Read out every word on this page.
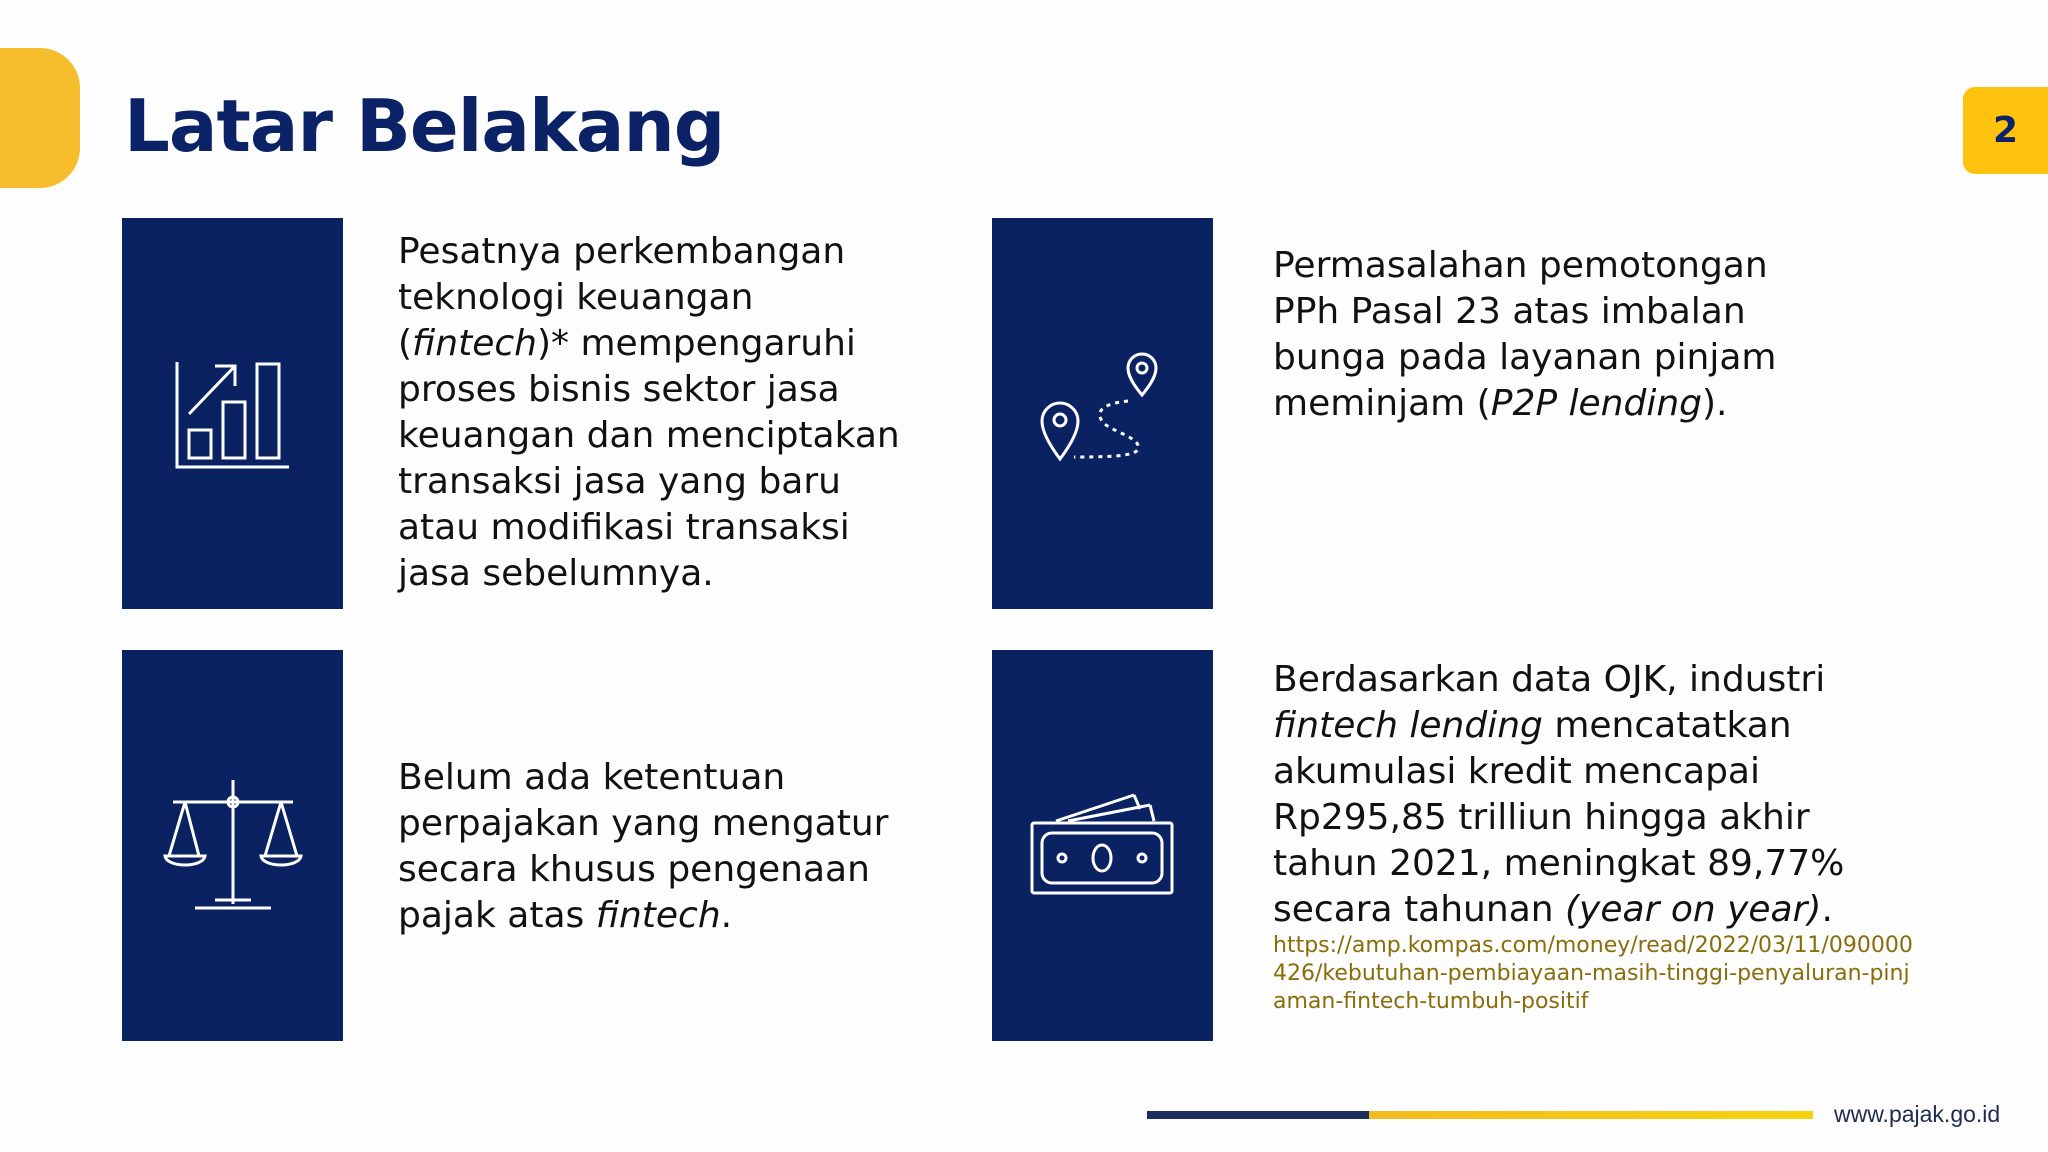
Latar Belakang	2

Pesatnya perkembangan teknologi keuangan (fintech)* mempengaruhi proses bisnis sektor jasa keuangan dan menciptakan transaksi jasa yang baru atau modifikasi transaksi jasa sebelumnya.

Permasalahan pemotongan PPh Pasal 23 atas imbalan bunga pada layanan pinjam meminjam (P2P lending).

Belum ada ketentuan perpajakan yang mengatur secara khusus pengenaan pajak atas fintech.

Berdasarkan data OJK, industri fintech lending mencatatkan akumulasi kredit mencapai Rp295,85 trilliun hingga akhir tahun 2021, meningkat 89,77% secara tahunan (year on year).

https://amp.kompas.com/money/read/2022/03/11/090000426/kebutuhan-pembiayaan-masih-tinggi-penyaluran-pinjaman-fintech-tumbuh-positif

www.pajak.go.id
